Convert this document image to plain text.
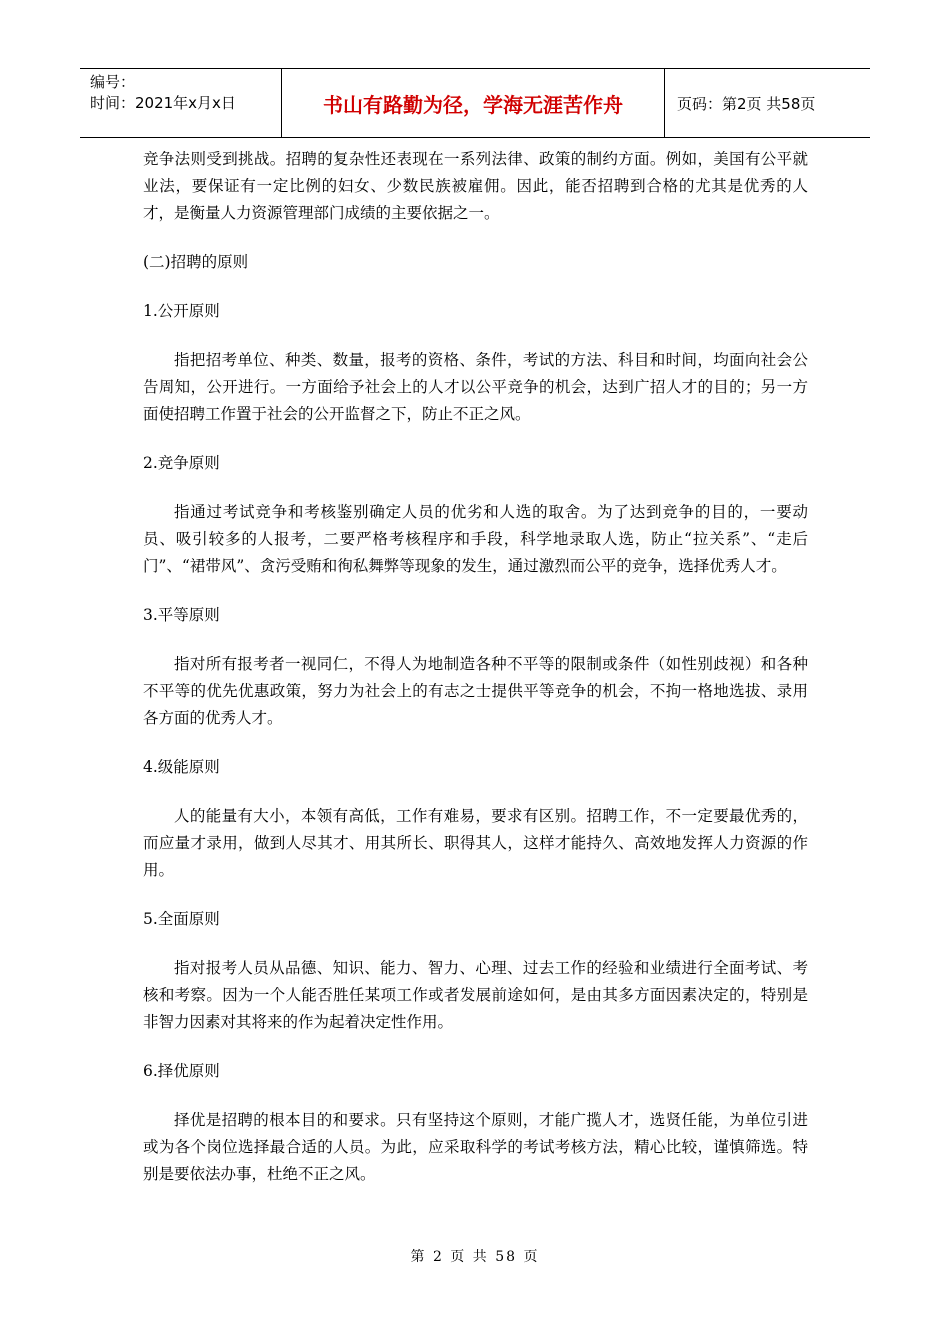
编号：
时间：2021年x月x日	书山有路勤为径，学海无涯苦作舟	页码：第2页 共58页
竞争法则受到挑战。招聘的复杂性还表现在一系列法律、政策的制约方面。例如，美国有公平就业法，要保证有一定比例的妇女、少数民族被雇佣。因此，能否招聘到合格的尤其是优秀的人才，是衡量人力资源管理部门成绩的主要依据之一。
(二)招聘的原则
1.公开原则
指把招考单位、种类、数量，报考的资格、条件，考试的方法、科目和时间，均面向社会公告周知，公开进行。一方面给予社会上的人才以公平竞争的机会，达到广招人才的目的；另一方面使招聘工作置于社会的公开监督之下，防止不正之风。
2.竞争原则
指通过考试竞争和考核鉴别确定人员的优劣和人选的取舍。为了达到竞争的目的，一要动员、吸引较多的人报考，二要严格考核程序和手段，科学地录取人选，防止“拉关系”、“走后门”、“裙带风”、贪污受贿和徇私舞弊等现象的发生，通过激烈而公平的竞争，选择优秀人才。
3.平等原则
指对所有报考者一视同仁，不得人为地制造各种不平等的限制或条件（如性别歧视）和各种不平等的优先优惠政策，努力为社会上的有志之士提供平等竞争的机会，不拘一格地选拔、录用各方面的优秀人才。
4.级能原则
人的能量有大小，本领有高低，工作有难易，要求有区别。招聘工作，不一定要最优秀的，而应量才录用，做到人尽其才、用其所长、职得其人，这样才能持久、高效地发挥人力资源的作用。
5.全面原则
指对报考人员从品德、知识、能力、智力、心理、过去工作的经验和业绩进行全面考试、考核和考察。因为一个人能否胜任某项工作或者发展前途如何，是由其多方面因素决定的，特别是非智力因素对其将来的作为起着决定性作用。
6.择优原则
择优是招聘的根本目的和要求。只有坚持这个原则，才能广揽人才，选贤任能，为单位引进或为各个岗位选择最合适的人员。为此，应采取科学的考试考核方法，精心比较，谨慎筛选。特别是要依法办事，杜绝不正之风。
第 2 页 共 58 页
